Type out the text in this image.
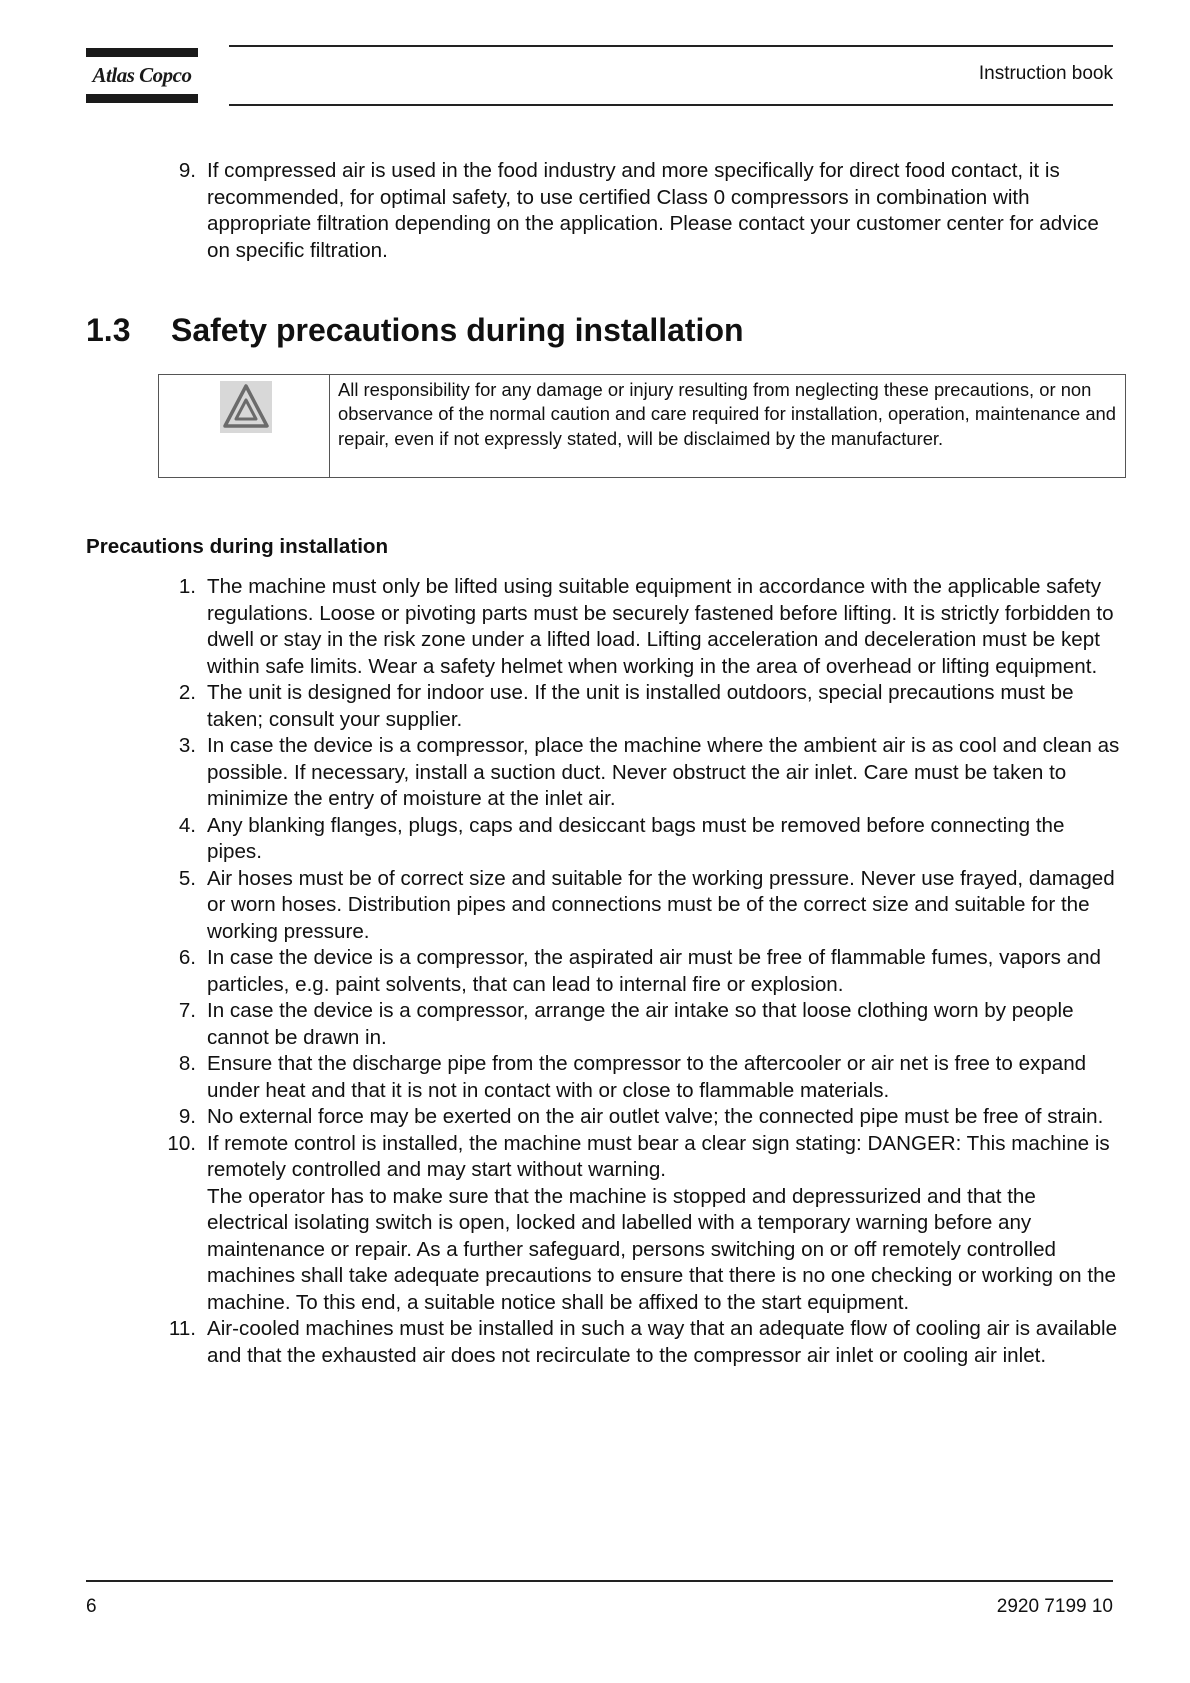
Atlas Copco	Instruction book
9. If compressed air is used in the food industry and more specifically for direct food contact, it is recommended, for optimal safety, to use certified Class 0 compressors in combination with appropriate filtration depending on the application. Please contact your customer center for advice on specific filtration.
1.3 Safety precautions during installation
All responsibility for any damage or injury resulting from neglecting these precautions, or non observance of the normal caution and care required for installation, operation, maintenance and repair, even if not expressly stated, will be disclaimed by the manufacturer.
Precautions during installation
1. The machine must only be lifted using suitable equipment in accordance with the applicable safety regulations. Loose or pivoting parts must be securely fastened before lifting. It is strictly forbidden to dwell or stay in the risk zone under a lifted load. Lifting acceleration and deceleration must be kept within safe limits. Wear a safety helmet when working in the area of overhead or lifting equipment.
2. The unit is designed for indoor use. If the unit is installed outdoors, special precautions must be taken; consult your supplier.
3. In case the device is a compressor, place the machine where the ambient air is as cool and clean as possible. If necessary, install a suction duct. Never obstruct the air inlet. Care must be taken to minimize the entry of moisture at the inlet air.
4. Any blanking flanges, plugs, caps and desiccant bags must be removed before connecting the pipes.
5. Air hoses must be of correct size and suitable for the working pressure. Never use frayed, damaged or worn hoses. Distribution pipes and connections must be of the correct size and suitable for the working pressure.
6. In case the device is a compressor, the aspirated air must be free of flammable fumes, vapors and particles, e.g. paint solvents, that can lead to internal fire or explosion.
7. In case the device is a compressor, arrange the air intake so that loose clothing worn by people cannot be drawn in.
8. Ensure that the discharge pipe from the compressor to the aftercooler or air net is free to expand under heat and that it is not in contact with or close to flammable materials.
9. No external force may be exerted on the air outlet valve; the connected pipe must be free of strain.
10. If remote control is installed, the machine must bear a clear sign stating: DANGER: This machine is remotely controlled and may start without warning.
The operator has to make sure that the machine is stopped and depressurized and that the electrical isolating switch is open, locked and labelled with a temporary warning before any maintenance or repair. As a further safeguard, persons switching on or off remotely controlled machines shall take adequate precautions to ensure that there is no one checking or working on the machine. To this end, a suitable notice shall be affixed to the start equipment.
11. Air-cooled machines must be installed in such a way that an adequate flow of cooling air is available and that the exhausted air does not recirculate to the compressor air inlet or cooling air inlet.
6	2920 7199 10
